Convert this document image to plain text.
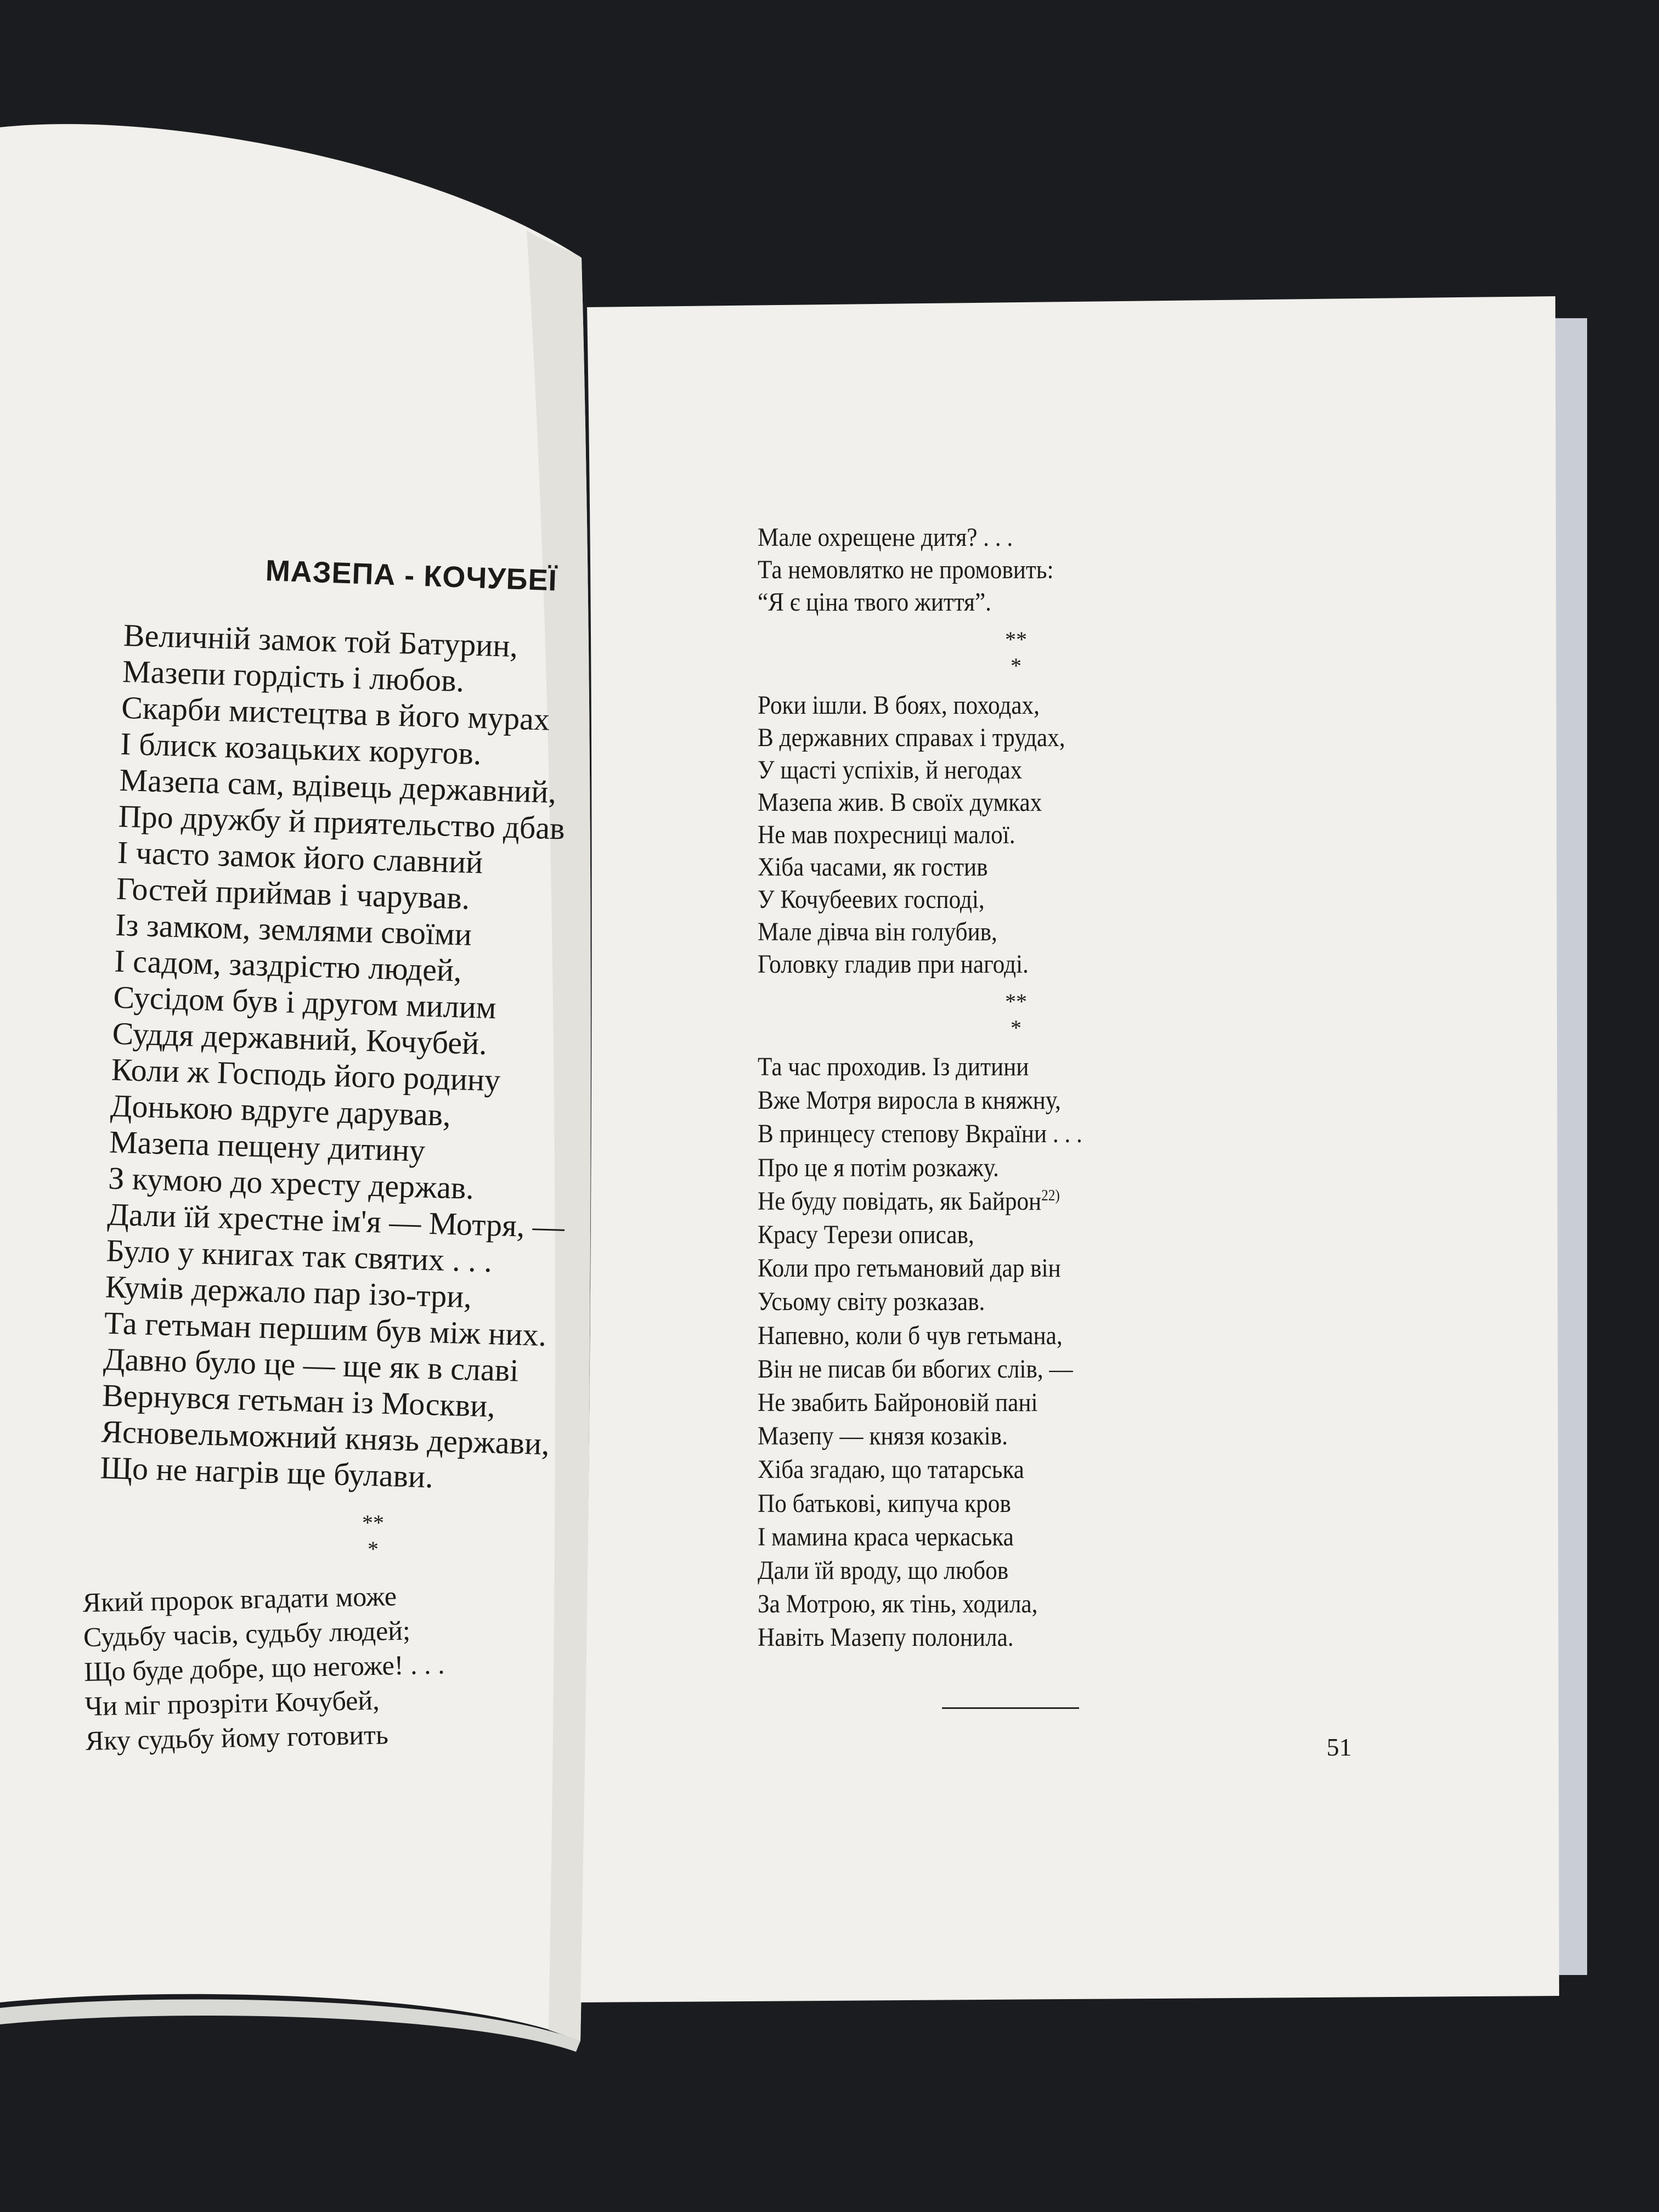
МАЗЕПА - КОЧУБЕЇ
Величній замок той Батурин,
Мазепи гордість і любов.
Скарби мистецтва в його мурах
І блиск козацьких коругов.
Мазепа сам, вдівець державний,
Про дружбу й приятельство дбав
І часто замок його славний
Гостей приймав і чарував.
Із замком, землями своїми
І садом, заздрістю людей,
Сусідом був і другом милим
Суддя державний, Кочубей.
Коли ж Господь його родину
Донькою вдруге дарував,
Мазепа пещену дитину
З кумою до хресту держав.
Дали їй хрестне ім'я — Мотря, —
Було у книгах так святих . . .
Кумів держало пар ізо-три,
Та гетьман першим був між них.
Давно було це — ще як в славі
Вернувся гетьман із Москви,
Ясновельможний князь держави,
Що не нагрів ще булави.
**
*
Який пророк вгадати може
Судьбу часів, судьбу людей;
Що буде добре, що негоже! . . .
Чи міг прозріти Кочубей,
Яку судьбу йому готовить
Мале охрещене дитя? . . .
Та немовлятко не промовить:
“Я є ціна твого життя”.
**
*
Роки ішли. В боях, походах,
В державних справах і трудах,
У щасті успіхів, й негодах
Мазепа жив. В своїх думках
Не мав похресниці малої.
Хіба часами, як гостив
У Кочубеевих господі,
Мале дівча він голубив,
Головку гладив при нагоді.
**
*
Та час проходив. Із дитини
Вже Мотря виросла в княжну,
В принцесу степову Вкраїни . . .
Про це я потім розкажу.
Не буду повідать, як Байрон$^{22)}$
Красу Терези описав,
Коли про гетьмановий дар він
Усьому світу розказав.
Напевно, коли б чув гетьмана,
Він не писав би вбогих слів, —
Не звабить Байроновій пані
Мазепу — князя козаків.
Хіба згадаю, що татарська
По батькові, кипуча кров
І мамина краса черкаська
Дали їй вроду, що любов
За Мотрою, як тінь, ходила,
Навіть Мазепу полонила.
51
